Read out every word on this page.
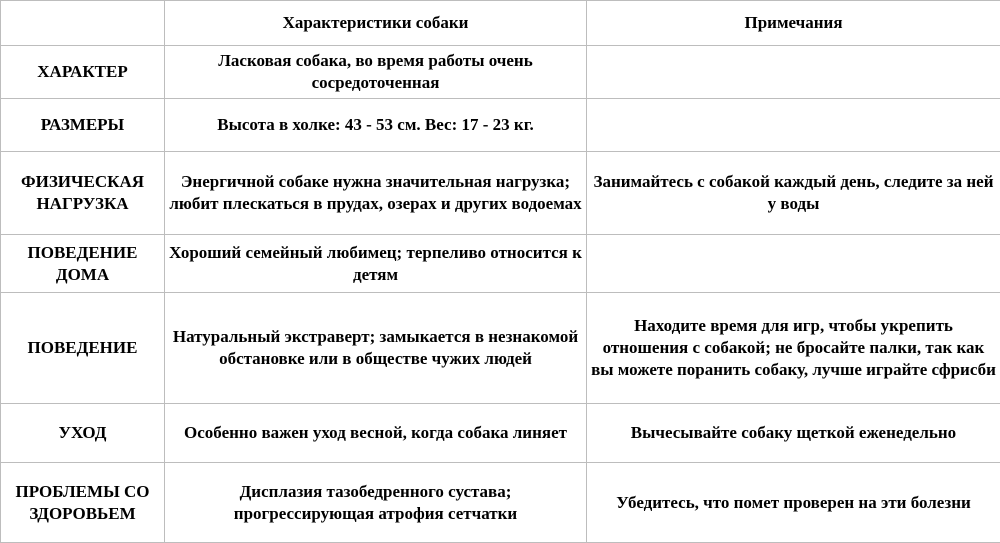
	Характеристики собаки	Примечания
ХАРАКТЕР	Ласковая собака, во время работы очень сосредоточенная	
РАЗМЕРЫ	Высота в холке: 43 - 53 см. Вес: 17 - 23 кг.	
ФИЗИЧЕСКАЯ НАГРУЗКА	Энергичной собаке нужна значительная нагрузка; любит плескаться в прудах, озерах и других водоемах	Занимайтесь с собакой каждый день, следите за ней у воды
ПОВЕДЕНИЕ ДОМА	Хороший семейный любимец; терпеливо относится к детям	
ПОВЕДЕНИЕ	Натуральный экстраверт; замыкается в незнакомой обстановке или в обществе чужих людей	Находите время для игр, чтобы укрепить отношения с собакой; не бросайте палки, так как вы можете поранить собаку, лучше играйте сфрисби
УХОД	Особенно важен уход весной, когда собака линяет	Вычесывайте собаку щеткой еженедельно
ПРОБЛЕМЫ СО ЗДОРОВЬЕМ	Дисплазия тазобедренного сустава; прогрессирующая атрофия сетчатки	Убедитесь, что помет проверен на эти болезни
